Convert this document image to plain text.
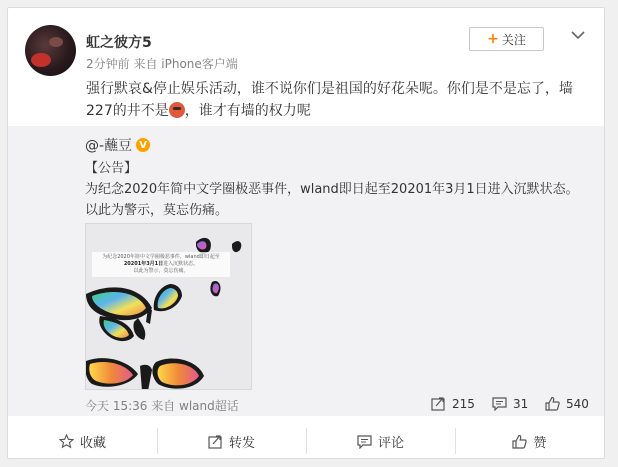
虹之彼方5
2分钟前 来自 iPhone客户端
+ 关注
强行默哀&停止娱乐活动，谁不说你们是祖国的好花朵呢。你们是不是忘了，墙227的井不是 ，谁才有墙的权力呢
@-蘸豆 V
【公告】
为纪念2020年简中文学圈极恶事件，wland即日起至20201年3月1日进入沉默状态。
以此为警示，莫忘伤痛。
为纪念2020年简中文学圈极恶事件，wland即日起至
20201年3月1日进入沉默状态。
以此为警示，莫忘伤痛。
今天 15:36 来自 wland超话	215	31	540
收藏	转发	评论	赞
